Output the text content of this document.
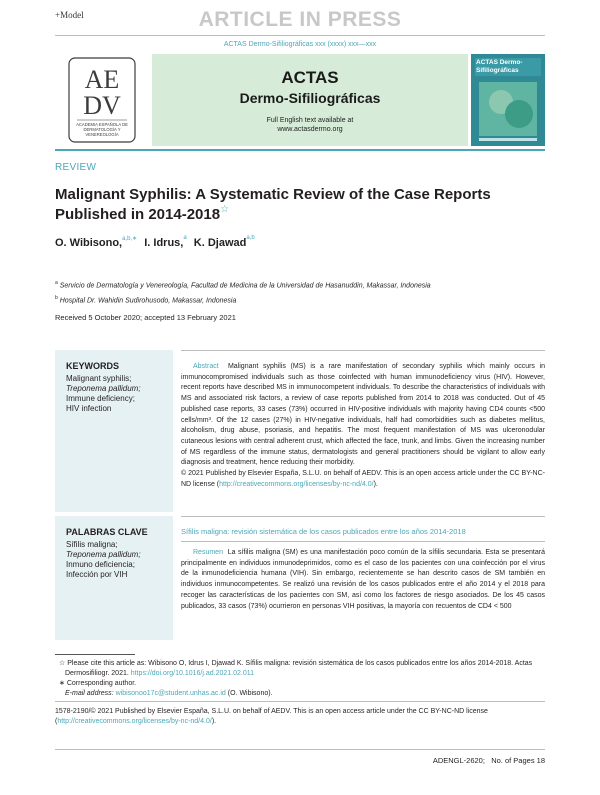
+Model	ARTICLE IN PRESS
ACTAS Dermo-Sifiliográficas xxx (xxxx) xxx—xxx
AE
DV
ACADEMIA ESPAÑOLA DE DERMATOLOGÍA Y VENEREOLOGÍA
ACTAS
Dermo-Sifiliográficas
Full English text available at
www.actasdermo.org
ACTAS Dermo-Sifiliográficas
REVIEW
Malignant Syphilis: A Systematic Review of the Case Reports Published in 2014-2018☆
O. Wibisono,$^{a,b,∗}$ I. Idrus,$^a$ K. Djawad$^{a,b}$
$^a$ Servicio de Dermatología y Venereología, Facultad de Medicina de la Universidad de Hasanuddin, Makassar, Indonesia
$^b$ Hospital Dr. Wahidin Sudirohusodo, Makassar, Indonesia
Received 5 October 2020; accepted 13 February 2021
KEYWORDS
Malignant syphilis;
Treponema pallidum;
Immune deficiency;
HIV infection
Abstract Malignant syphilis (MS) is a rare manifestation of secondary syphilis which mainly occurs in immunocompromised individuals such as those coinfected with human immunodeficiency virus (HIV). However, recent reports have described MS in immunocompetent individuals. To describe the characteristics of individuals with MS and associated risk factors, a review of case reports published from 2014 to 2018 was conducted. Out of 45 published case reports, 33 cases (73%) occurred in HIV-positive individuals with majority having CD4 counts <500 cells/mm³. Of the 12 cases (27%) in HIV-negative individuals, half had comorbidities such as diabetes mellitus, alcoholism, drug abuse, psoriasis, and hepatitis. The most frequent manifestation of MS was ulceronodular cutaneous lesions with central adherent crust, which affected the face, trunk, and limbs. Given the increasing number of MS regardless of the immune status, dermatologists and general practitioners should be vigilant to allow early diagnosis and treatment, hence reducing their morbidity.
© 2021 Published by Elsevier España, S.L.U. on behalf of AEDV. This is an open access article under the CC BY-NC-ND license (http://creativecommons.org/licenses/by-nc-nd/4.0/).
PALABRAS CLAVE
Sífilis maligna;
Treponema pallidum;
Inmuno deficiencia;
Infección por VIH
Sífilis maligna: revisión sistemática de los casos publicados entre los años 2014-2018
Resumen La sífilis maligna (SM) es una manifestación poco común de la sífilis secundaria. Esta se presentará principalmente en individuos inmunodeprimidos, como es el caso de los pacientes con una coinfección por el virus de la inmunodeficiencia humana (VIH). Sin embargo, recientemente se han descrito casos de SM también en individuos inmunocompetentes. Se realizó una revisión de los casos publicados entre el año 2014 y el 2018 para recoger las características de los pacientes con SM, así como los factores de riesgo asociados. De los 45 casos publicados, 33 casos (73%) ocurrieron en personas VIH positivas, la mayoría con recuentos de CD4 < 500
☆ Please cite this article as: Wibisono O, Idrus I, Djawad K. Sífilis maligna: revisión sistemática de los casos publicados entre los años 2014-2018. Actas Dermosifiliogr. 2021. https://doi.org/10.1016/j.ad.2021.02.011
∗ Corresponding author.
E-mail address: wibisonoo17c@student.unhas.ac.id (O. Wibisono).
1578-2190/© 2021 Published by Elsevier España, S.L.U. on behalf of AEDV. This is an open access article under the CC BY-NC-ND license (http://creativecommons.org/licenses/by-nc-nd/4.0/).
ADENGL-2620; No. of Pages 18
